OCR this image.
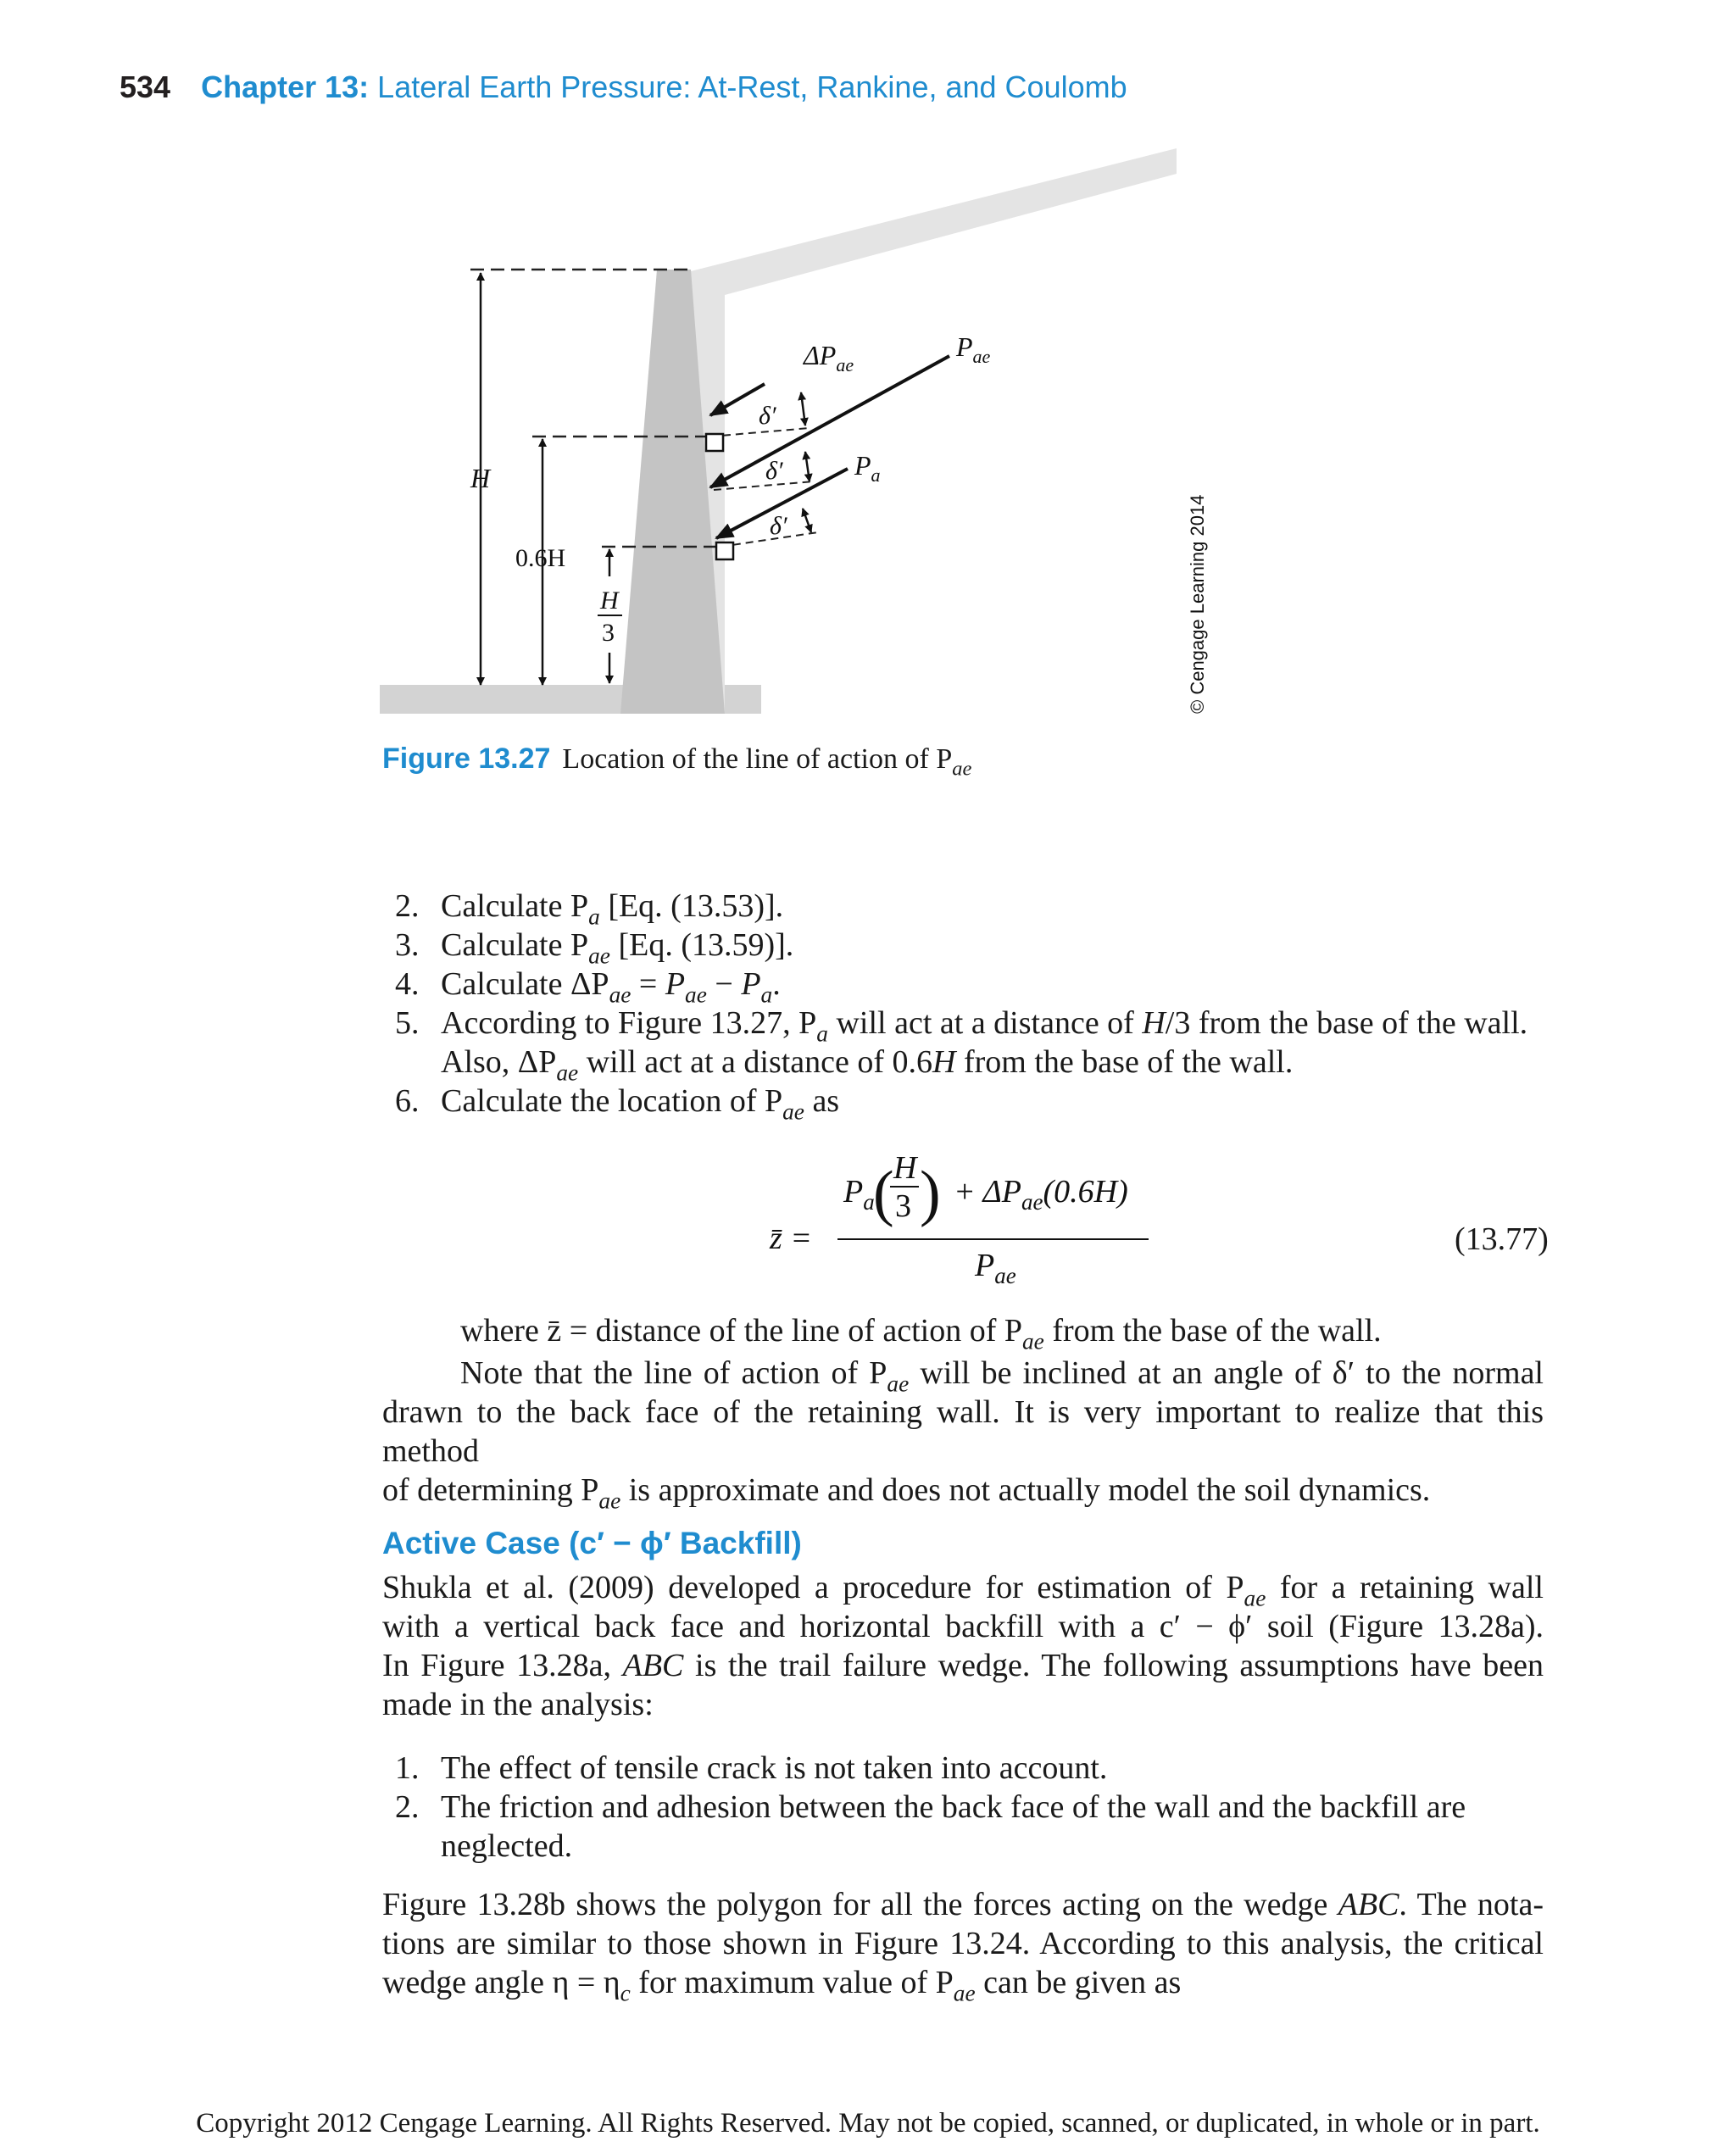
534 Chapter 13: Lateral Earth Pressure: At-Rest, Rankine, and Coulomb
H
0.6H
H
3
$\Delta P_{ae}$
$P_{ae}$
$P_a$
δ′
δ′
δ′	© Cengage Learning 2014
Figure 13.27 Location of the line of action of $P_{ae}$
2. Calculate $P_a$ [Eq. (13.53)].
3. Calculate $P_{ae}$ [Eq. (13.59)].
4. Calculate $\Delta P_{ae} = P_{ae} - P_a$.
5. According to Figure 13.27, $P_a$ will act at a distance of H/3 from the base of the wall.
Also, $\Delta P_{ae}$ will act at a distance of 0.6H from the base of the wall.
6. Calculate the location of $P_{ae}$ as
z̄ =
$P_a$
( H
3 ) + $\Delta P_{ae}(0.6H)$
$P_{ae}$
(13.77)
where z̄ = distance of the line of action of $P_{ae}$ from the base of the wall.
Note that the line of action of $P_{ae}$ will be inclined at an angle of δ′ to the normal
drawn to the back face of the retaining wall. It is very important to realize that this method
of determining $P_{ae}$ is approximate and does not actually model the soil dynamics.
Active Case (c′ − ϕ′ Backfill)
Shukla et al. (2009) developed a procedure for estimation of $P_{ae}$ for a retaining wall
with a vertical back face and horizontal backfill with a c′ − ϕ′ soil (Figure 13.28a).
In Figure 13.28a, ABC is the trail failure wedge. The following assumptions have been
made in the analysis:
1. The effect of tensile crack is not taken into account.
2. The friction and adhesion between the back face of the wall and the backfill are
neglected.
Figure 13.28b shows the polygon for all the forces acting on the wedge ABC. The nota-
tions are similar to those shown in Figure 13.24. According to this analysis, the critical
wedge angle $\eta = \eta_c$ for maximum value of $P_{ae}$ can be given as
Copyright 2012 Cengage Learning. All Rights Reserved. May not be copied, scanned, or duplicated, in whole or in part.
